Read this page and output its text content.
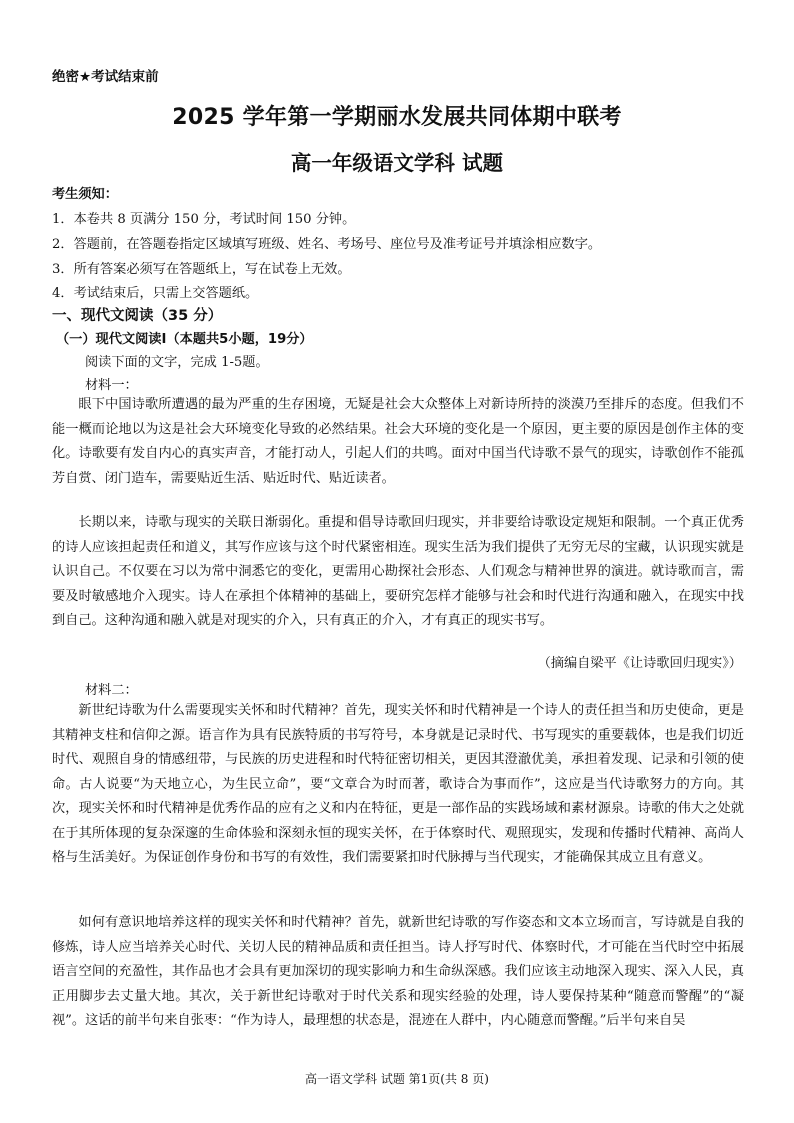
绝密★考试结束前
2025 学年第一学期丽水发展共同体期中联考
高一年级语文学科 试题
考生须知：
1．本卷共 8 页满分 150 分，考试时间 150 分钟。
2．答题前，在答题卷指定区域填写班级、姓名、考场号、座位号及准考证号并填涂相应数字。
3．所有答案必须写在答题纸上，写在试卷上无效。
4．考试结束后，只需上交答题纸。
一、现代文阅读（35 分）
（一）现代文阅读Ⅰ（本题共5小题，19分）
阅读下面的文字，完成 1-5题。
材料一：

眼下中国诗歌所遭遇的最为严重的生存困境，无疑是社会大众整体上对新诗所持的淡漠乃至排斥的态度。但我们不能一概而论地以为这是社会大环境变化导致的必然结果。社会大环境的变化是一个原因，更主要的原因是创作主体的变化。诗歌要有发自内心的真实声音，才能打动人，引起人们的共鸣。面对中国当代诗歌不景气的现实，诗歌创作不能孤芳自赏、闭门造车，需要贴近生活、贴近时代、贴近读者。

长期以来，诗歌与现实的关联日渐弱化。重提和倡导诗歌回归现实，并非要给诗歌设定规矩和限制。一个真正优秀的诗人应该担起责任和道义，其写作应该与这个时代紧密相连。现实生活为我们提供了无穷无尽的宝藏，认识现实就是认识自己。不仅要在习以为常中洞悉它的变化，更需用心勘探社会形态、人们观念与精神世界的演进。就诗歌而言，需要及时敏感地介入现实。诗人在承担个体精神的基础上，要研究怎样才能够与社会和时代进行沟通和融入，在现实中找到自己。这种沟通和融入就是对现实的介入，只有真正的介入，才有真正的现实书写。

（摘编自梁平《让诗歌回归现实》）
材料二：

新世纪诗歌为什么需要现实关怀和时代精神？首先，现实关怀和时代精神是一个诗人的责任担当和历史使命，更是其精神支柱和信仰之源。语言作为具有民族特质的书写符号，本身就是记录时代、书写现实的重要载体，也是我们切近时代、观照自身的情感纽带，与民族的历史进程和时代特征密切相关，更因其澄澈优美，承担着发现、记录和引领的使命。古人说要“为天地立心，为生民立命”，要“文章合为时而著，歌诗合为事而作”，这应是当代诗歌努力的方向。其次，现实关怀和时代精神是优秀作品的应有之义和内在特征，更是一部作品的实践场域和素材源泉。诗歌的伟大之处就在于其所体现的复杂深邃的生命体验和深刻永恒的现实关怀，在于体察时代、观照现实，发现和传播时代精神、高尚人格与生活美好。为保证创作身份和书写的有效性，我们需要紧扣时代脉搏与当代现实，才能确保其成立且有意义。

如何有意识地培养这样的现实关怀和时代精神？首先，就新世纪诗歌的写作姿态和文本立场而言，写诗就是自我的修炼，诗人应当培养关心时代、关切人民的精神品质和责任担当。诗人抒写时代、体察时代，才可能在当代时空中拓展语言空间的充盈性，其作品也才会具有更加深切的现实影响力和生命纵深感。我们应该主动地深入现实、深入人民，真正用脚步去丈量大地。其次，关于新世纪诗歌对于时代关系和现实经验的处理，诗人要保持某种“随意而警醒”的“凝视”。这话的前半句来自张枣：“作为诗人，最理想的状态是，混迹在人群中，内心随意而警醒。”后半句来自吴

高一语文学科 试题 第1页(共 8 页)
